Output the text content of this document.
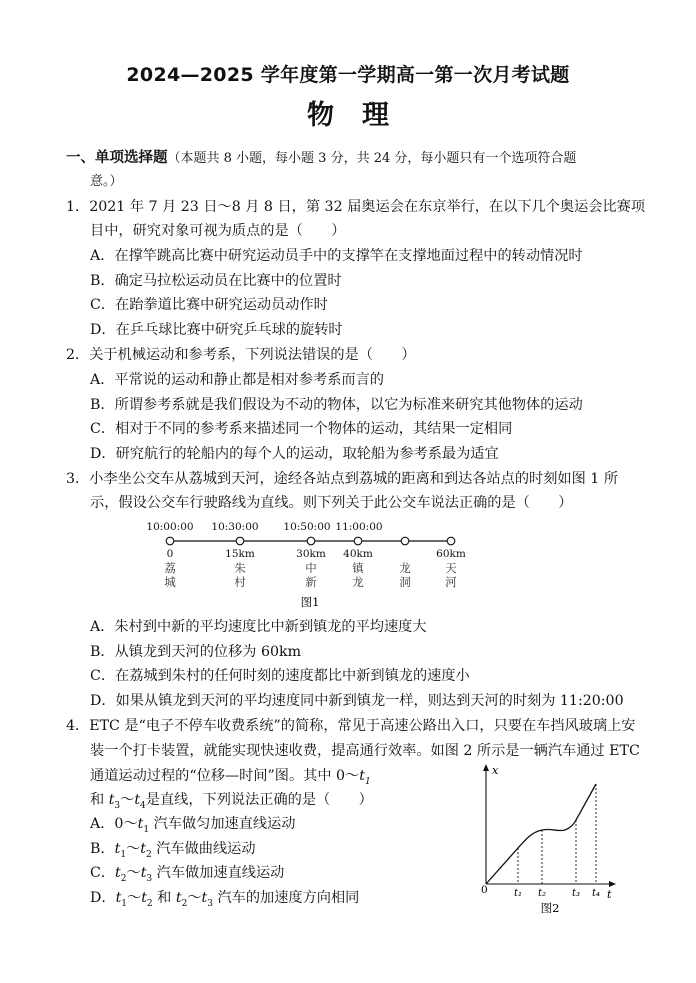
2024—2025 学年度第一学期高一第一次月考试题
物理
一、单项选择题（本题共 8 小题，每小题 3 分，共 24 分，每小题只有一个选项符合题
意。）
1．2021 年 7 月 23 日～8 月 8 日，第 32 届奥运会在东京举行，在以下几个奥运会比赛项
目中，研究对象可视为质点的是（　　）
A．在撑竿跳高比赛中研究运动员手中的支撑竿在支撑地面过程中的转动情况时
B．确定马拉松运动员在比赛中的位置时
C．在跆拳道比赛中研究运动员动作时
D．在乒乓球比赛中研究乒乓球的旋转时
2．关于机械运动和参考系，下列说法错误的是（　　）
A．平常说的运动和静止都是相对参考系而言的
B．所谓参考系就是我们假设为不动的物体，以它为标准来研究其他物体的运动
C．相对于不同的参考系来描述同一个物体的运动，其结果一定相同
D．研究航行的轮船内的每个人的运动，取轮船为参考系最为适宜
3．小李坐公交车从荔城到天河，途经各站点到荔城的距离和到达各站点的时刻如图 1 所
示，假设公交车行驶路线为直线。则下列关于此公交车说法正确的是（　　）
10:00:00 10:30:00 10:50:00 11:00:00
0	15km	30km 40km	60km
荔
城
朱
村
中
新
镇
龙
龙
洞
天
河
图1
A．朱村到中新的平均速度比中新到镇龙的平均速度大
B．从镇龙到天河的位移为 60km
C．在荔城到朱村的任何时刻的速度都比中新到镇龙的速度小
D．如果从镇龙到天河的平均速度同中新到镇龙一样，则达到天河的时刻为 11:20:00
4．ETC 是“电子不停车收费系统”的简称，常见于高速公路出入口，只要在车挡风玻璃上安
装一个打卡装置，就能实现快速收费，提高通行效率。如图 2 所示是一辆汽车通过 ETC
通道运动过程的“位移—时间”图。其中 $0\sim t_1$
和 $t_3\sim t_4$是直线，下列说法正确的是（　　）
A．$0\sim t_1$ 汽车做匀加速直线运动
B．$t_1\sim t_2$ 汽车做曲线运动
C．$t_2\sim t_3$ 汽车做加速直线运动
D．$t_1\sim t_2$ 和 $t_2\sim t_3$ 汽车的加速度方向相同
x
t
0	t₁ t₂	t₃ t₄
图2
